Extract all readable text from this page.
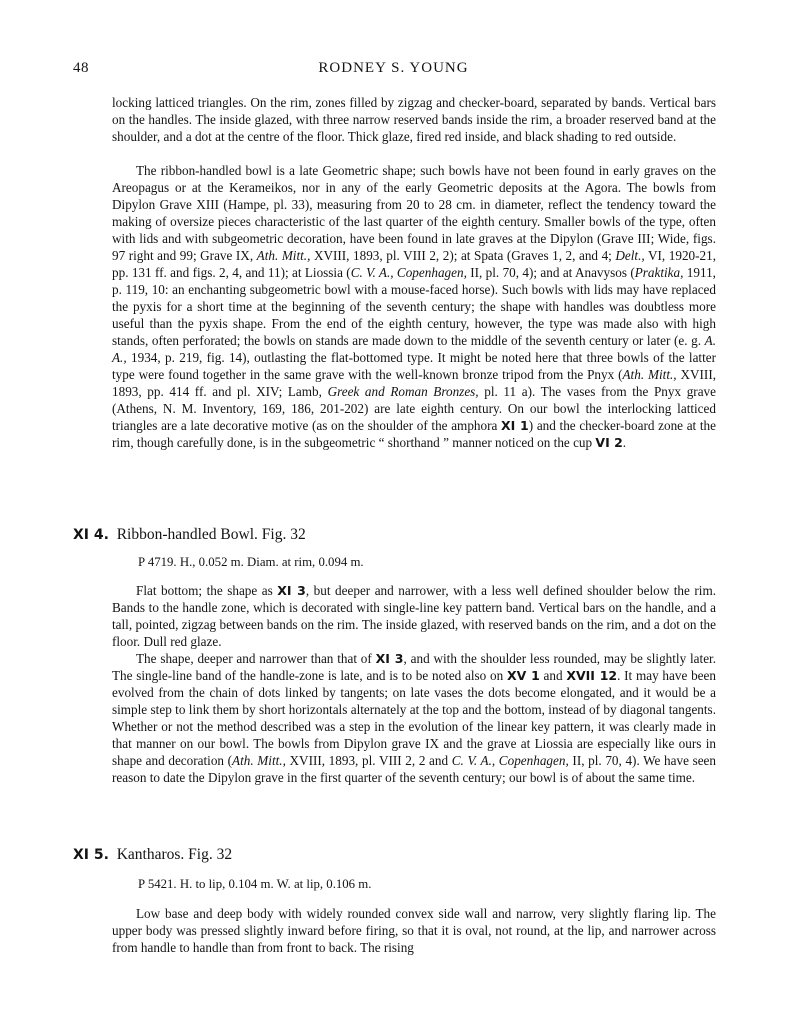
48	RODNEY S. YOUNG

locking latticed triangles. On the rim, zones filled by zigzag and checker-board, separated by bands. Vertical bars on the handles. The inside glazed, with three narrow reserved bands inside the rim, a broader reserved band at the shoulder, and a dot at the centre of the floor. Thick glaze, fired red inside, and black shading to red outside.

The ribbon-handled bowl is a late Geometric shape; such bowls have not been found in early graves on the Areopagus or at the Kerameikos, nor in any of the early Geometric deposits at the Agora. The bowls from Dipylon Grave XIII (Hampe, pl. 33), measuring from 20 to 28 cm. in diameter, reflect the tendency toward the making of oversize pieces characteristic of the last quarter of the eighth century. Smaller bowls of the type, often with lids and with subgeometric decoration, have been found in late graves at the Dipylon (Grave III; Wide, figs. 97 right and 99; Grave IX, Ath. Mitt., XVIII, 1893, pl. VIII 2, 2); at Spata (Graves 1, 2, and 4; Delt., VI, 1920-21, pp. 131 ff. and figs. 2, 4, and 11); at Liossia (C. V. A., Copenhagen, II, pl. 70, 4); and at Anavysos (Praktika, 1911, p. 119, 10: an enchanting subgeometric bowl with a mouse-faced horse). Such bowls with lids may have replaced the pyxis for a short time at the beginning of the seventh century; the shape with handles was doubtless more useful than the pyxis shape. From the end of the eighth century, however, the type was made also with high stands, often perforated; the bowls on stands are made down to the middle of the seventh century or later (e. g. A. A., 1934, p. 219, fig. 14), outlasting the flat-bottomed type. It might be noted here that three bowls of the latter type were found together in the same grave with the well-known bronze tripod from the Pnyx (Ath. Mitt., XVIII, 1893, pp. 414 ff. and pl. XIV; Lamb, Greek and Roman Bronzes, pl. 11 a). The vases from the Pnyx grave (Athens, N. M. Inventory, 169, 186, 201-202) are late eighth century. On our bowl the interlocking latticed triangles are a late decorative motive (as on the shoulder of the amphora XI 1) and the checker-board zone at the rim, though carefully done, is in the subgeometric “ shorthand ” manner noticed on the cup VI 2.

XI 4. Ribbon-handled Bowl. Fig. 32
P 4719. H., 0.052 m. Diam. at rim, 0.094 m.

Flat bottom; the shape as XI 3, but deeper and narrower, with a less well defined shoulder below the rim. Bands to the handle zone, which is decorated with single-line key pattern band. Vertical bars on the handle, and a tall, pointed, zigzag between bands on the rim. The inside glazed, with reserved bands on the rim, and a dot on the floor. Dull red glaze.

The shape, deeper and narrower than that of XI 3, and with the shoulder less rounded, may be slightly later. The single-line band of the handle-zone is late, and is to be noted also on XV 1 and XVII 12. It may have been evolved from the chain of dots linked by tangents; on late vases the dots become elongated, and it would be a simple step to link them by short horizontals alternately at the top and the bottom, instead of by diagonal tangents. Whether or not the method described was a step in the evolution of the linear key pattern, it was clearly made in that manner on our bowl. The bowls from Dipylon grave IX and the grave at Liossia are especially like ours in shape and decoration (Ath. Mitt., XVIII, 1893, pl. VIII 2, 2 and C. V. A., Copenhagen, II, pl. 70, 4). We have seen reason to date the Dipylon grave in the first quarter of the seventh century; our bowl is of about the same time.

XI 5. Kantharos. Fig. 32
P 5421. H. to lip, 0.104 m. W. at lip, 0.106 m.

Low base and deep body with widely rounded convex side wall and narrow, very slightly flaring lip. The upper body was pressed slightly inward before firing, so that it is oval, not round, at the lip, and narrower across from handle to handle than from front to back. The rising
